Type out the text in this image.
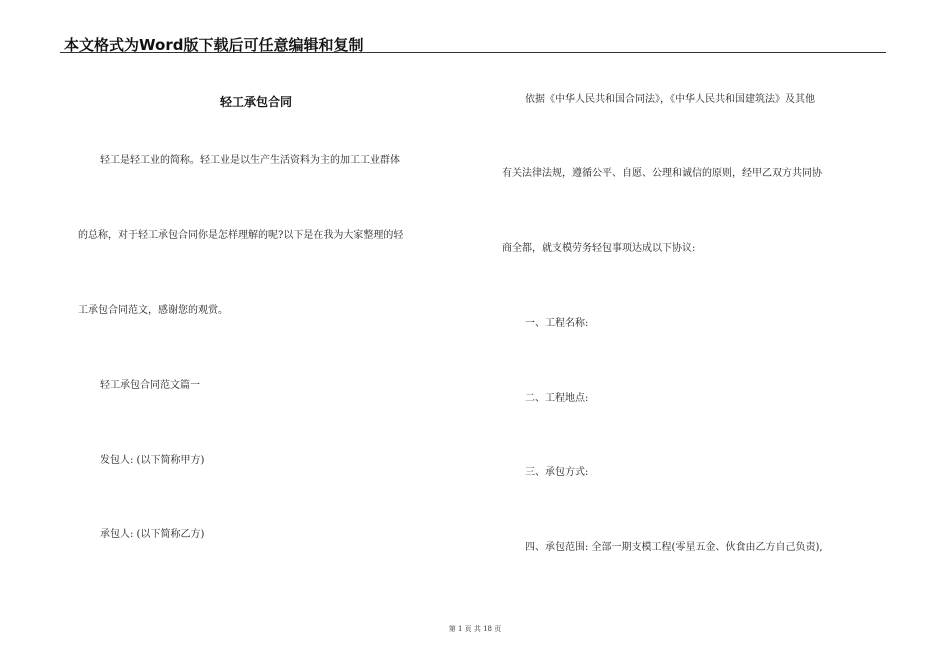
本文格式为Word版下载后可任意编辑和复制
轻工承包合同
轻工是轻工业的简称。轻工业是以生产生活资料为主的加工工业群体
的总称，对于轻工承包合同你是怎样理解的呢?以下是在我为大家整理的轻
工承包合同范文，感谢您的观赏。
轻工承包合同范文篇一
发包人: (以下简称甲方)
承包人: (以下简称乙方)
依据《中华人民共和国合同法》，《中华人民共和国建筑法》及其他
有关法律法规，遵循公平、自愿、公理和诚信的原则，经甲乙双方共同协
商全都，就支模劳务轻包事项达成以下协议:
一、工程名称:
二、工程地点:
三、承包方式:
四、承包范围: 全部一期支模工程(零星五金、伙食由乙方自己负责),
第 1 页 共 18 页
